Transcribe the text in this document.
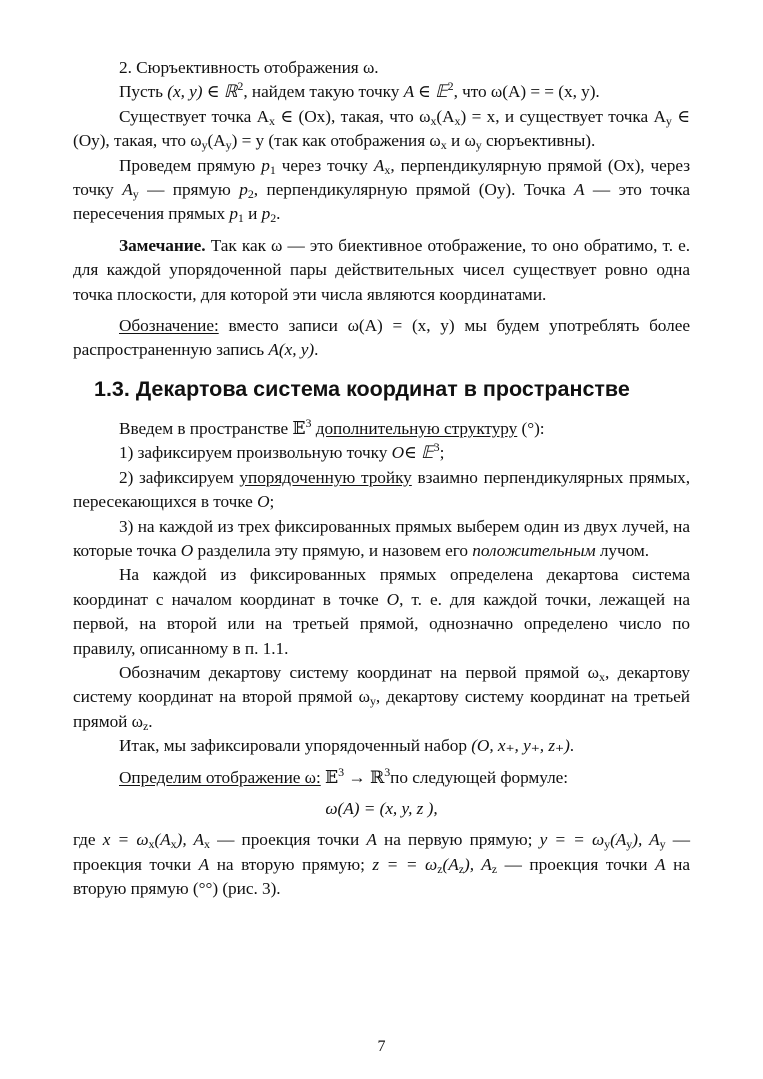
2. Сюръективность отображения ω.

Пусть (x, y) ∈ ℝ$^2$, найдем такую точку A ∈ 𝔼$^2$, что ω(A) = = (x, y).

Существует точка $A_x$ ∈ (Ox), такая, что $\omega_x(A_x) = x$, и существует точка $A_y$ ∈ (Oy), такая, что $\omega_y(A_y) = y$ (так как отображения $\omega_x$ и $\omega_y$ сюръективны).

Проведем прямую $p_1$ через точку $A_x$, перпендикулярную прямой (Ox), через точку $A_y$ — прямую $p_2$, перпендикулярную прямой (Oy). Точка A — это точка пересечения прямых $p_1$ и $p_2$.

Замечание. Так как ω — это биективное отображение, то оно обратимо, т. е. для каждой упорядоченной пары действительных чисел существует ровно одна точка плоскости, для которой эти числа являются координатами.

Обозначение: вместо записи ω(A) = (x, y) мы будем употреблять более распространенную запись A(x, y).

1.3. Декартова система координат в пространстве

Введем в пространстве 𝔼$^3$ дополнительную структуру (°):

1) зафиксируем произвольную точку O∈ 𝔼$^3$;

2) зафиксируем упорядоченную тройку взаимно перпендикулярных прямых, пересекающихся в точке O;

3) на каждой из трех фиксированных прямых выберем один из двух лучей, на которые точка O разделила эту прямую, и назовем его положительным лучом.

На каждой из фиксированных прямых определена декартова система координат с началом координат в точке O, т. е. для каждой точки, лежащей на первой, на второй или на третьей прямой, однозначно определено число по правилу, описанному в п. 1.1.

Обозначим декартову систему координат на первой прямой $\omega_x$, декартову систему координат на второй прямой $\omega_y$, декартову систему координат на третьей прямой $\omega_z$.

Итак, мы зафиксировали упорядоченный набор (O, x₊, y₊, z₊).

Определим отображение ω: 𝔼$^3$ → ℝ$^3$по следующей формуле:

ω(A) = (x, y, z ),

где $x = \omega_x(A_x)$, $A_x$ — проекция точки A на первую прямую; y = = $\omega_y(A_y)$, $A_y$ — проекция точки A на вторую прямую; z = = $\omega_z(A_z)$, $A_z$ — проекция точки A на вторую прямую (°°) (рис. 3).

7
